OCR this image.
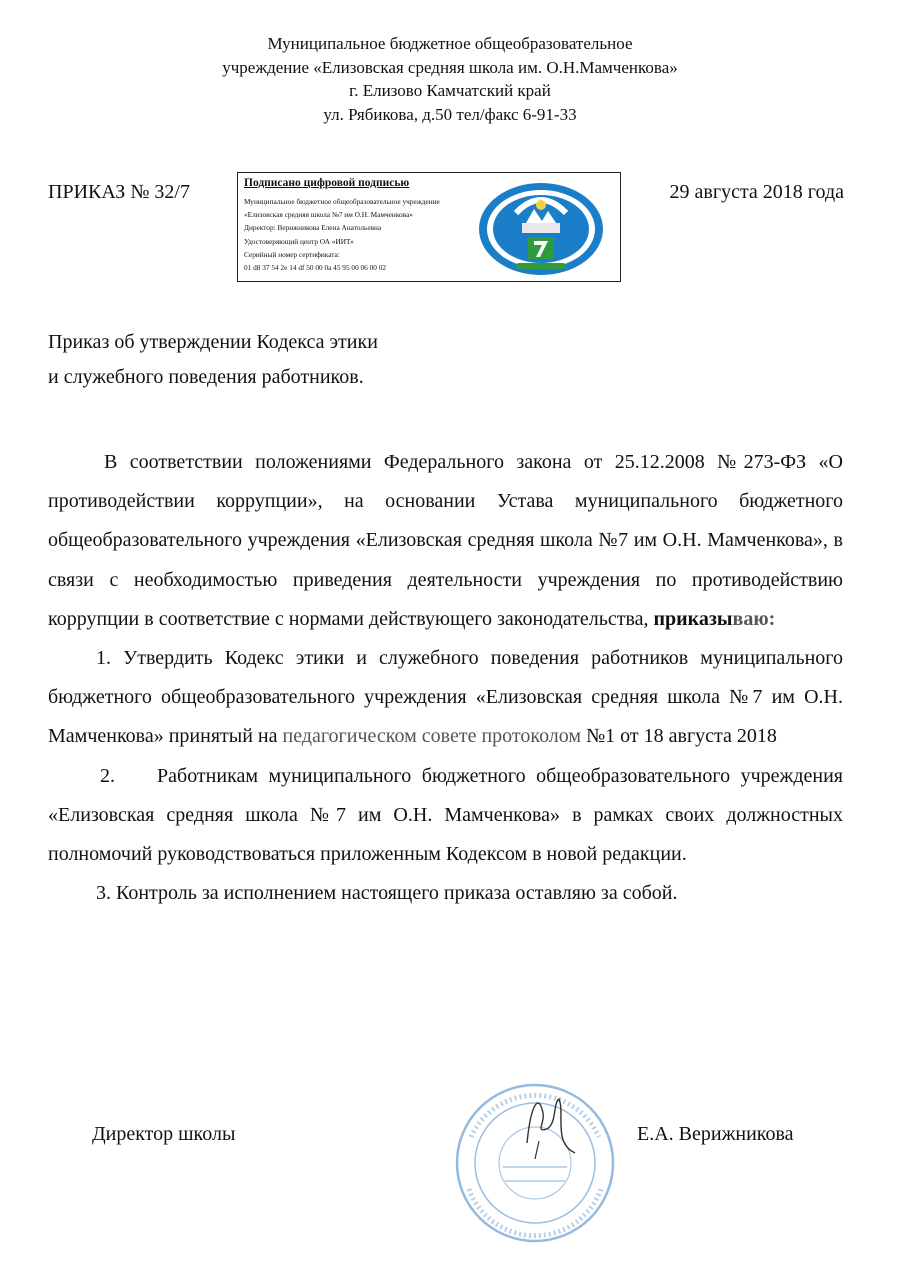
Муниципальное бюджетное общеобразовательное
учреждение «Елизовская средняя школа им. О.Н.Мамченкова»
г. Елизово Камчатский край
ул. Рябикова, д.50 тел/факс 6-91-33
ПРИКАЗ № 32/7	29 августа 2018 года
Подписано цифровой подписью
Муниципальное бюджетное общеобразовательное учреждение
«Елизовская средняя школа №7 им О.Н. Мамченкова»
Директор: Верижникова Елена Анатольевна
Удостоверяющий центр ОА «ИИТ»
Серийный номер сертификата:
01 d8 37 54 2e 14 df 50 00 0a 45 95 00 06 00 02
Приказ об утверждении Кодекса этики
и служебного поведения работников.

В соответствии положениями Федерального закона от 25.12.2008 №273-ФЗ «О противодействии коррупции», на основании Устава муниципального бюджетного общеобразовательного учреждения «Елизовская средняя школа №7 им О.Н. Мамченкова», в связи с необходимостью приведения деятельности учреждения по противодействию коррупции в соответствие с нормами действующего законодательства, приказываю:

1. Утвердить Кодекс этики и служебного поведения работников муниципального бюджетного общеобразовательного учреждения «Елизовская средняя школа №7 им О.Н. Мамченкова» принятый на педагогическом совете протоколом №1 от 18 августа 2018

2. Работникам муниципального бюджетного общеобразовательного учреждения «Елизовская средняя школа №7 им О.Н. Мамченкова» в рамках своих должностных полномочий руководствоваться приложенным Кодексом в новой редакции.

3. Контроль за исполнением настоящего приказа оставляю за собой.

Директор школы	Е.А. Верижникова
